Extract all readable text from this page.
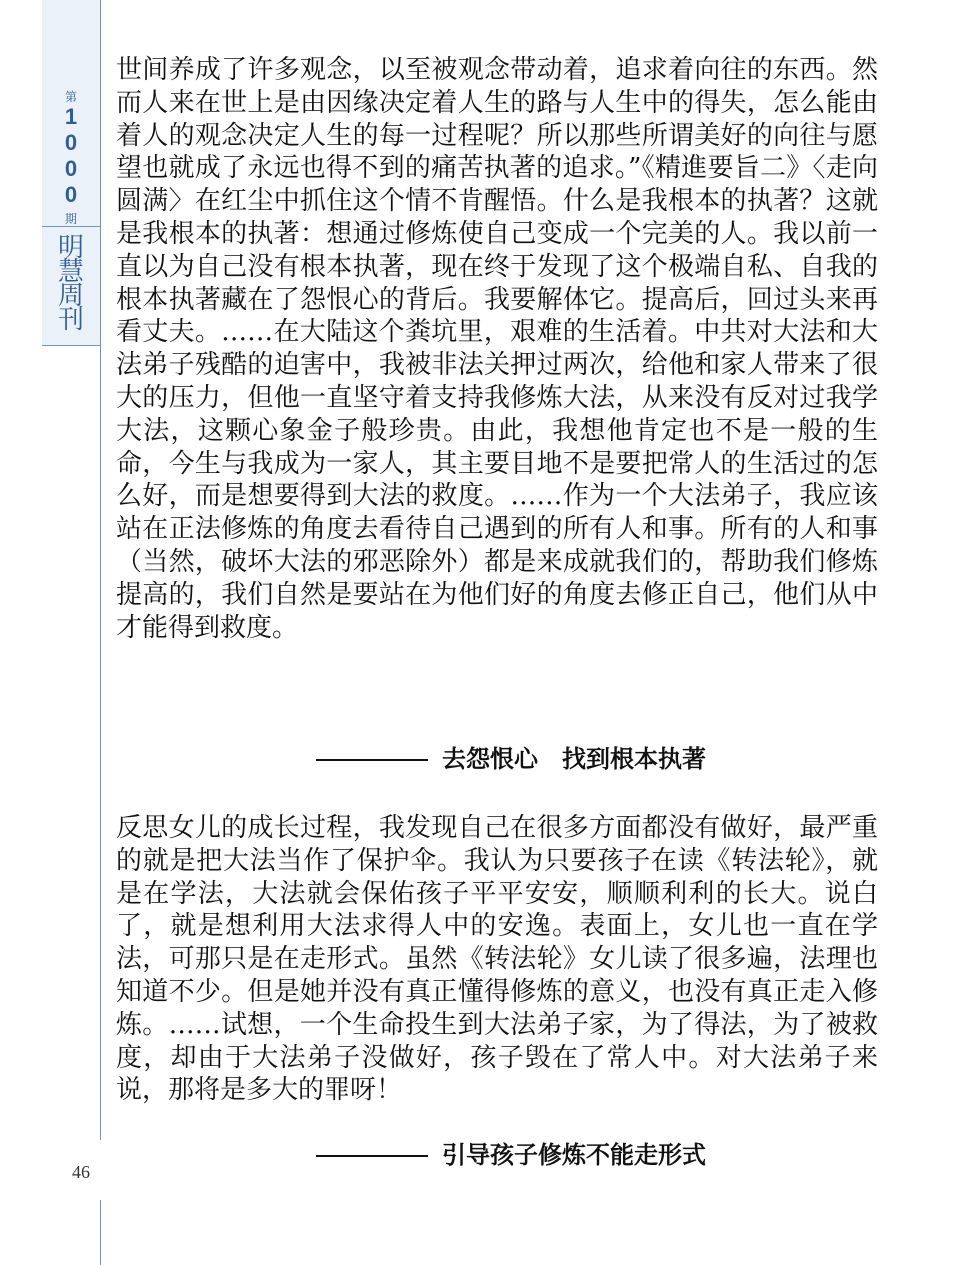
第
1
0
0
0
期
明
慧
周
刊

世间养成了许多观念，以至被观念带动着，追求着向往的东西。然而人来在世上是由因缘决定着人生的路与人生中的得失，怎么能由着人的观念决定人生的每一过程呢？所以那些所谓美好的向往与愿望也就成了永远也得不到的痛苦执著的追求。”《精進要旨二》〈走向圆满〉在红尘中抓住这个情不肯醒悟。什么是我根本的执著？这就是我根本的执著：想通过修炼使自己变成一个完美的人。我以前一直以为自己没有根本执著，现在终于发现了这个极端自私、自我的根本执著藏在了怨恨心的背后。我要解体它。提高后，回过头来再看丈夫。……在大陆这个粪坑里，艰难的生活着。中共对大法和大法弟子残酷的迫害中，我被非法关押过两次，给他和家人带来了很大的压力，但他一直坚守着支持我修炼大法，从来没有反对过我学大法，这颗心象金子般珍贵。由此，我想他肯定也不是一般的生命，今生与我成为一家人，其主要目地不是要把常人的生活过的怎么好，而是想要得到大法的救度。……作为一个大法弟子，我应该站在正法修炼的角度去看待自己遇到的所有人和事。所有的人和事（当然，破坏大法的邪恶除外）都是来成就我们的，帮助我们修炼提高的，我们自然是要站在为他们好的角度去修正自己，他们从中才能得到救度。

去怨恨心　找到根本执著

反思女儿的成长过程，我发现自己在很多方面都没有做好，最严重的就是把大法当作了保护伞。我认为只要孩子在读《转法轮》，就是在学法，大法就会保佑孩子平平安安，顺顺利利的长大。说白了，就是想利用大法求得人中的安逸。表面上，女儿也一直在学法，可那只是在走形式。虽然《转法轮》女儿读了很多遍，法理也知道不少。但是她并没有真正懂得修炼的意义，也没有真正走入修炼。……试想，一个生命投生到大法弟子家，为了得法，为了被救度，却由于大法弟子没做好，孩子毁在了常人中。对大法弟子来说，那将是多大的罪呀！

引导孩子修炼不能走形式
46
